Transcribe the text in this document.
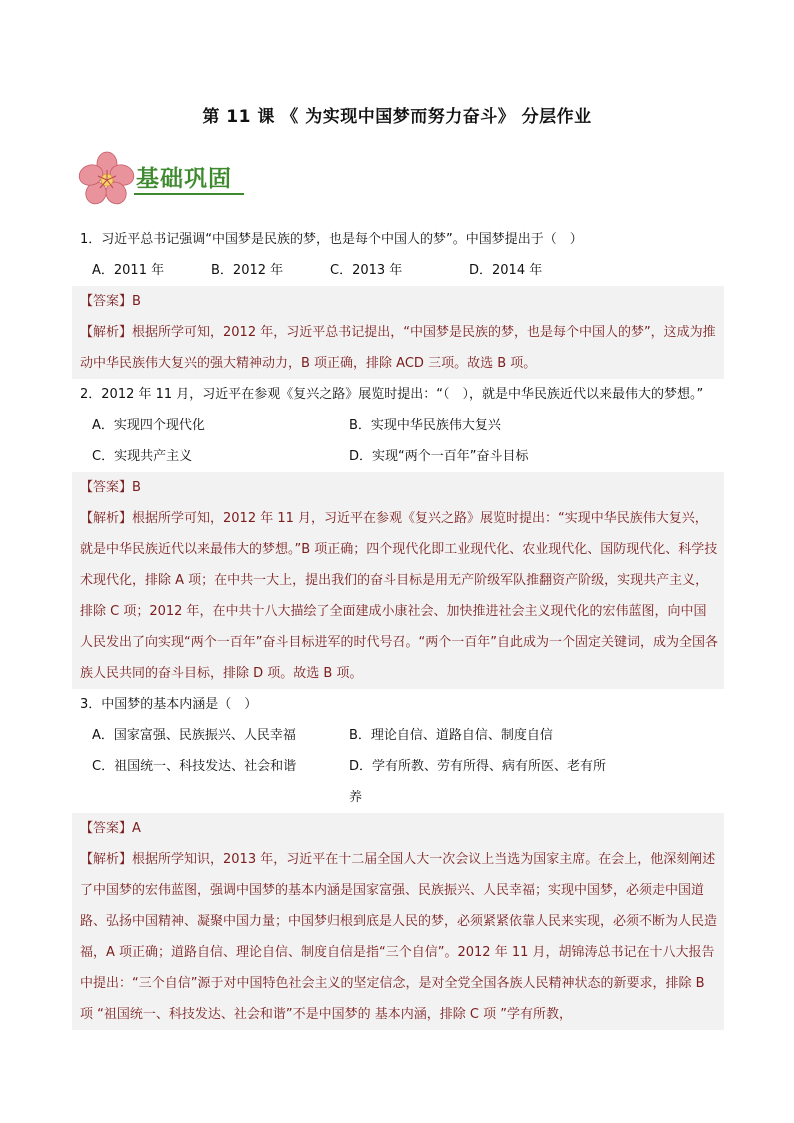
第 11 课 《 为实现中国梦而努力奋斗》 分层作业
基础巩固
1．习近平总书记强调“中国梦是民族的梦，也是每个中国人的梦”。中国梦提出于（　）
A．2011 年	B．2012 年	C．2013 年	D．2014 年
【答案】B
【解析】根据所学可知，2012 年，习近平总书记提出，“中国梦是民族的梦，也是每个中国人的梦”，这成为推动中华民族伟大复兴的强大精神动力，B 项正确，排除 ACD 三项。故选 B 项。
2．2012 年 11 月，习近平在参观《复兴之路》展览时提出：“（　），就是中华民族近代以来最伟大的梦想。”
A．实现四个现代化	B．实现中华民族伟大复兴
C．实现共产主义	D．实现“两个一百年”奋斗目标
【答案】B
【解析】根据所学可知，2012 年 11 月，习近平在参观《复兴之路》展览时提出：“实现中华民族伟大复兴，就是中华民族近代以来最伟大的梦想。”B 项正确；四个现代化即工业现代化、农业现代化、国防现代化、科学技术现代化，排除 A 项；在中共一大上，提出我们的奋斗目标是用无产阶级军队推翻资产阶级，实现共产主义，排除 C 项；2012 年，在中共十八大描绘了全面建成小康社会、加快推进社会主义现代化的宏伟蓝图，向中国人民发出了向实现“两个一百年”奋斗目标进军的时代号召。“两个一百年”自此成为一个固定关键词，成为全国各族人民共同的奋斗目标，排除 D 项。故选 B 项。
3．中国梦的基本内涵是（　）
A．国家富强、民族振兴、人民幸福	B．理论自信、道路自信、制度自信
C．祖国统一、科技发达、社会和谐	D．学有所教、劳有所得、病有所医、老有所养
【答案】A
【解析】根据所学知识，2013 年，习近平在十二届全国人大一次会议上当选为国家主席。在会上，他深刻阐述了中国梦的宏伟蓝图，强调中国梦的基本内涵是国家富强、民族振兴、人民幸福；实现中国梦，必须走中国道路、弘扬中国精神、凝聚中国力量；中国梦归根到底是人民的梦，必须紧紧依靠人民来实现，必须不断为人民造福，A 项正确；道路自信、理论自信、制度自信是指“三个自信”。2012 年 11 月，胡锦涛总书记在十八大报告中提出：“三个自信”源于对中国特色社会主义的坚定信念，是对全党全国各族人民精神状态的新要求，排除 B 项 “祖国统一、科技发达、社会和谐”不是中国梦的 基本内涵，排除 C 项 ”学有所教，
